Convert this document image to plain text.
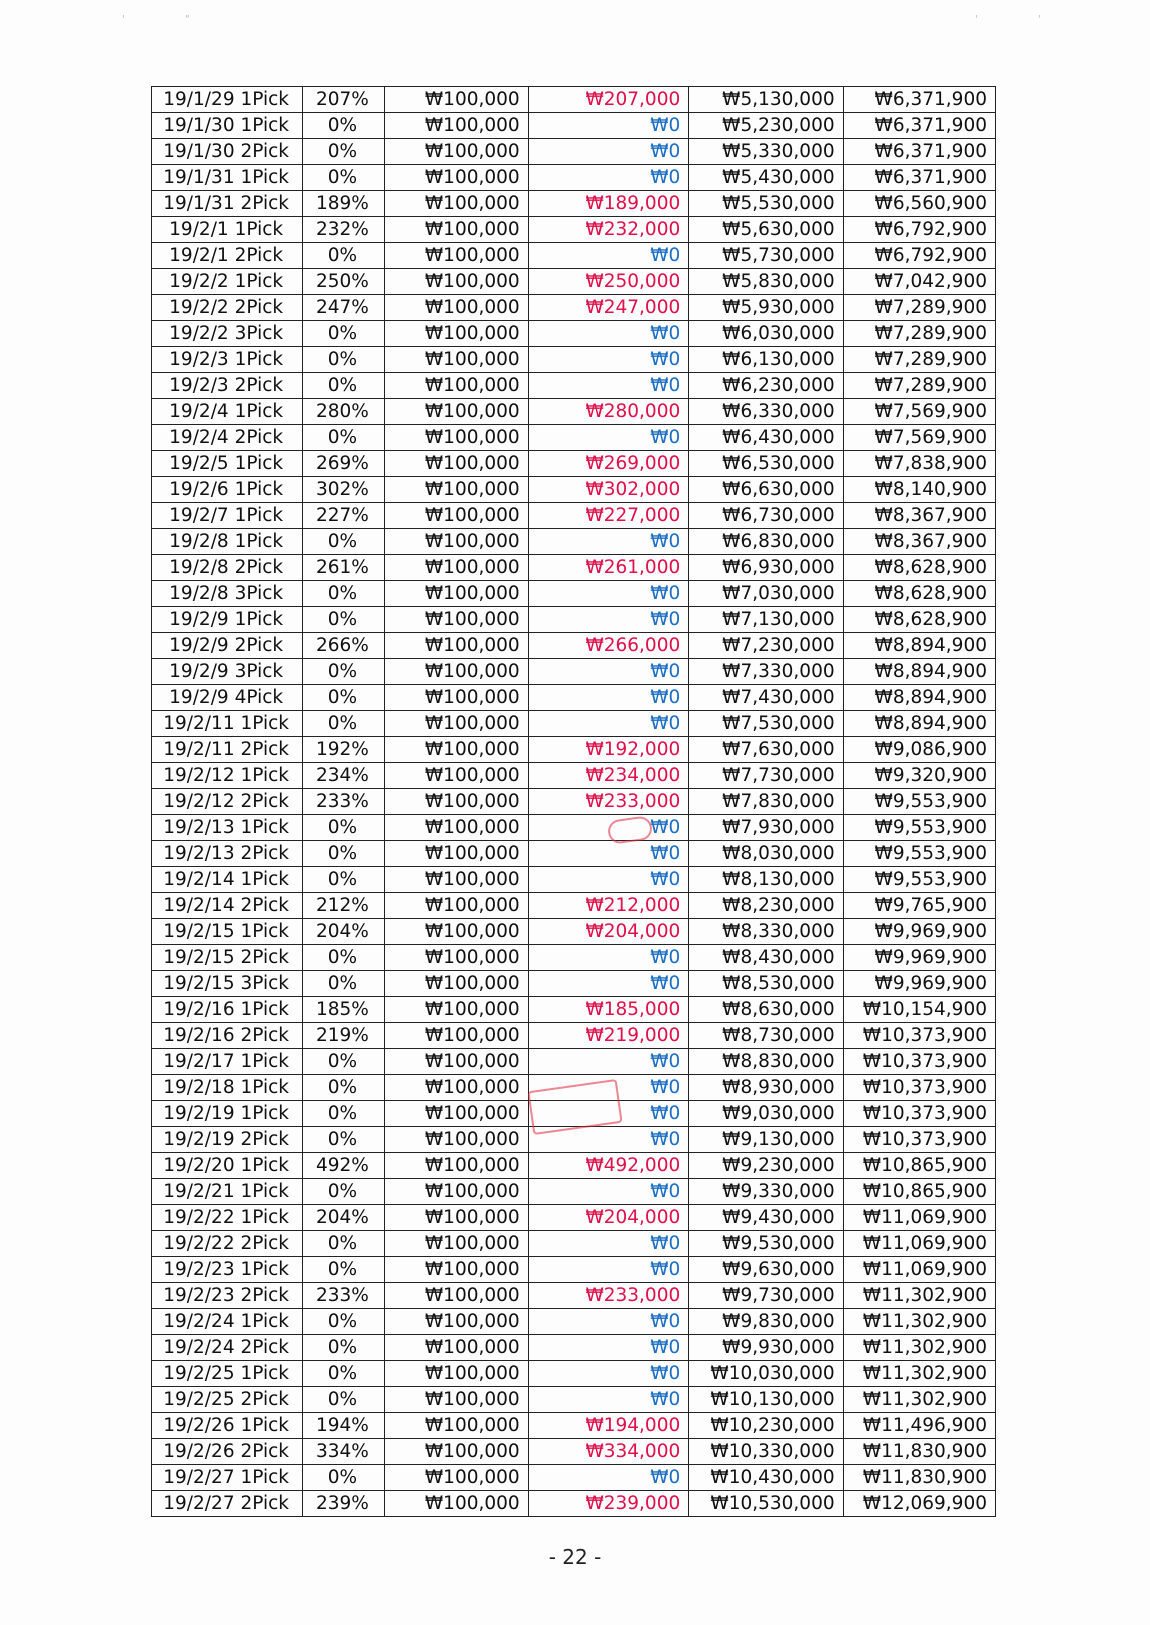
'	"	'	'
19/1/29 1Pick	207%	₩100,000	₩207,000	₩5,130,000	₩6,371,900
19/1/30 1Pick	0%	₩100,000	₩0	₩5,230,000	₩6,371,900
19/1/30 2Pick	0%	₩100,000	₩0	₩5,330,000	₩6,371,900
19/1/31 1Pick	0%	₩100,000	₩0	₩5,430,000	₩6,371,900
19/1/31 2Pick	189%	₩100,000	₩189,000	₩5,530,000	₩6,560,900
19/2/1 1Pick	232%	₩100,000	₩232,000	₩5,630,000	₩6,792,900
19/2/1 2Pick	0%	₩100,000	₩0	₩5,730,000	₩6,792,900
19/2/2 1Pick	250%	₩100,000	₩250,000	₩5,830,000	₩7,042,900
19/2/2 2Pick	247%	₩100,000	₩247,000	₩5,930,000	₩7,289,900
19/2/2 3Pick	0%	₩100,000	₩0	₩6,030,000	₩7,289,900
19/2/3 1Pick	0%	₩100,000	₩0	₩6,130,000	₩7,289,900
19/2/3 2Pick	0%	₩100,000	₩0	₩6,230,000	₩7,289,900
19/2/4 1Pick	280%	₩100,000	₩280,000	₩6,330,000	₩7,569,900
19/2/4 2Pick	0%	₩100,000	₩0	₩6,430,000	₩7,569,900
19/2/5 1Pick	269%	₩100,000	₩269,000	₩6,530,000	₩7,838,900
19/2/6 1Pick	302%	₩100,000	₩302,000	₩6,630,000	₩8,140,900
19/2/7 1Pick	227%	₩100,000	₩227,000	₩6,730,000	₩8,367,900
19/2/8 1Pick	0%	₩100,000	₩0	₩6,830,000	₩8,367,900
19/2/8 2Pick	261%	₩100,000	₩261,000	₩6,930,000	₩8,628,900
19/2/8 3Pick	0%	₩100,000	₩0	₩7,030,000	₩8,628,900
19/2/9 1Pick	0%	₩100,000	₩0	₩7,130,000	₩8,628,900
19/2/9 2Pick	266%	₩100,000	₩266,000	₩7,230,000	₩8,894,900
19/2/9 3Pick	0%	₩100,000	₩0	₩7,330,000	₩8,894,900
19/2/9 4Pick	0%	₩100,000	₩0	₩7,430,000	₩8,894,900
19/2/11 1Pick	0%	₩100,000	₩0	₩7,530,000	₩8,894,900
19/2/11 2Pick	192%	₩100,000	₩192,000	₩7,630,000	₩9,086,900
19/2/12 1Pick	234%	₩100,000	₩234,000	₩7,730,000	₩9,320,900
19/2/12 2Pick	233%	₩100,000	₩233,000	₩7,830,000	₩9,553,900
19/2/13 1Pick	0%	₩100,000	₩0	₩7,930,000	₩9,553,900
19/2/13 2Pick	0%	₩100,000	₩0	₩8,030,000	₩9,553,900
19/2/14 1Pick	0%	₩100,000	₩0	₩8,130,000	₩9,553,900
19/2/14 2Pick	212%	₩100,000	₩212,000	₩8,230,000	₩9,765,900
19/2/15 1Pick	204%	₩100,000	₩204,000	₩8,330,000	₩9,969,900
19/2/15 2Pick	0%	₩100,000	₩0	₩8,430,000	₩9,969,900
19/2/15 3Pick	0%	₩100,000	₩0	₩8,530,000	₩9,969,900
19/2/16 1Pick	185%	₩100,000	₩185,000	₩8,630,000	₩10,154,900
19/2/16 2Pick	219%	₩100,000	₩219,000	₩8,730,000	₩10,373,900
19/2/17 1Pick	0%	₩100,000	₩0	₩8,830,000	₩10,373,900
19/2/18 1Pick	0%	₩100,000	₩0	₩8,930,000	₩10,373,900
19/2/19 1Pick	0%	₩100,000	₩0	₩9,030,000	₩10,373,900
19/2/19 2Pick	0%	₩100,000	₩0	₩9,130,000	₩10,373,900
19/2/20 1Pick	492%	₩100,000	₩492,000	₩9,230,000	₩10,865,900
19/2/21 1Pick	0%	₩100,000	₩0	₩9,330,000	₩10,865,900
19/2/22 1Pick	204%	₩100,000	₩204,000	₩9,430,000	₩11,069,900
19/2/22 2Pick	0%	₩100,000	₩0	₩9,530,000	₩11,069,900
19/2/23 1Pick	0%	₩100,000	₩0	₩9,630,000	₩11,069,900
19/2/23 2Pick	233%	₩100,000	₩233,000	₩9,730,000	₩11,302,900
19/2/24 1Pick	0%	₩100,000	₩0	₩9,830,000	₩11,302,900
19/2/24 2Pick	0%	₩100,000	₩0	₩9,930,000	₩11,302,900
19/2/25 1Pick	0%	₩100,000	₩0	₩10,030,000	₩11,302,900
19/2/25 2Pick	0%	₩100,000	₩0	₩10,130,000	₩11,302,900
19/2/26 1Pick	194%	₩100,000	₩194,000	₩10,230,000	₩11,496,900
19/2/26 2Pick	334%	₩100,000	₩334,000	₩10,330,000	₩11,830,900
19/2/27 1Pick	0%	₩100,000	₩0	₩10,430,000	₩11,830,900
19/2/27 2Pick	239%	₩100,000	₩239,000	₩10,530,000	₩12,069,900
- 22 -
